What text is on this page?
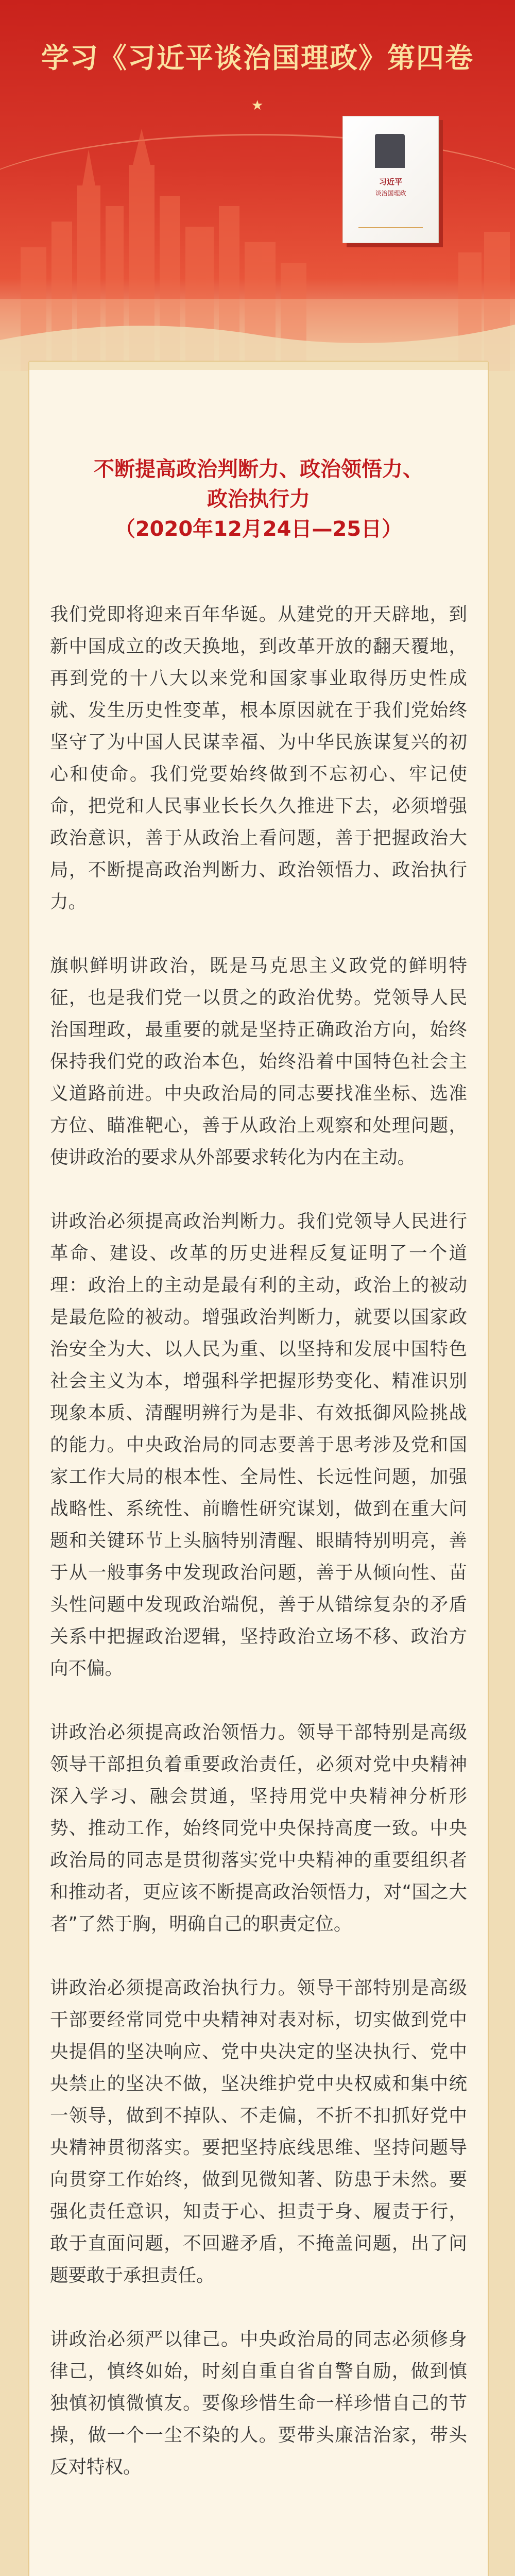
学习《习近平谈治国理政》第四卷
★
习近平
谈治国理政
不断提高政治判断力、政治领悟力、
政治执行力
（2020年12月24日—25日）

我们党即将迎来百年华诞。从建党的开天辟地，到新中国成立的改天换地，到改革开放的翻天覆地，再到党的十八大以来党和国家事业取得历史性成就、发生历史性变革，根本原因就在于我们党始终坚守了为中国人民谋幸福、为中华民族谋复兴的初心和使命。我们党要始终做到不忘初心、牢记使命，把党和人民事业长长久久推进下去，必须增强政治意识，善于从政治上看问题，善于把握政治大局，不断提高政治判断力、政治领悟力、政治执行力。

旗帜鲜明讲政治，既是马克思主义政党的鲜明特征，也是我们党一以贯之的政治优势。党领导人民治国理政，最重要的就是坚持正确政治方向，始终保持我们党的政治本色，始终沿着中国特色社会主义道路前进。中央政治局的同志要找准坐标、选准方位、瞄准靶心，善于从政治上观察和处理问题，使讲政治的要求从外部要求转化为内在主动。

讲政治必须提高政治判断力。我们党领导人民进行革命、建设、改革的历史进程反复证明了一个道理：政治上的主动是最有利的主动，政治上的被动是最危险的被动。增强政治判断力，就要以国家政治安全为大、以人民为重、以坚持和发展中国特色社会主义为本，增强科学把握形势变化、精准识别现象本质、清醒明辨行为是非、有效抵御风险挑战的能力。中央政治局的同志要善于思考涉及党和国家工作大局的根本性、全局性、长远性问题，加强战略性、系统性、前瞻性研究谋划，做到在重大问题和关键环节上头脑特别清醒、眼睛特别明亮，善于从一般事务中发现政治问题，善于从倾向性、苗头性问题中发现政治端倪，善于从错综复杂的矛盾关系中把握政治逻辑，坚持政治立场不移、政治方向不偏。

讲政治必须提高政治领悟力。领导干部特别是高级领导干部担负着重要政治责任，必须对党中央精神深入学习、融会贯通，坚持用党中央精神分析形势、推动工作，始终同党中央保持高度一致。中央政治局的同志是贯彻落实党中央精神的重要组织者和推动者，更应该不断提高政治领悟力，对“国之大者”了然于胸，明确自己的职责定位。

讲政治必须提高政治执行力。领导干部特别是高级干部要经常同党中央精神对表对标，切实做到党中央提倡的坚决响应、党中央决定的坚决执行、党中央禁止的坚决不做，坚决维护党中央权威和集中统一领导，做到不掉队、不走偏，不折不扣抓好党中央精神贯彻落实。要把坚持底线思维、坚持问题导向贯穿工作始终，做到见微知著、防患于未然。要强化责任意识，知责于心、担责于身、履责于行，敢于直面问题，不回避矛盾，不掩盖问题，出了问题要敢于承担责任。

讲政治必须严以律己。中央政治局的同志必须修身律己，慎终如始，时刻自重自省自警自励，做到慎独慎初慎微慎友。要像珍惜生命一样珍惜自己的节操，做一个一尘不染的人。要带头廉洁治家，带头反对特权。
